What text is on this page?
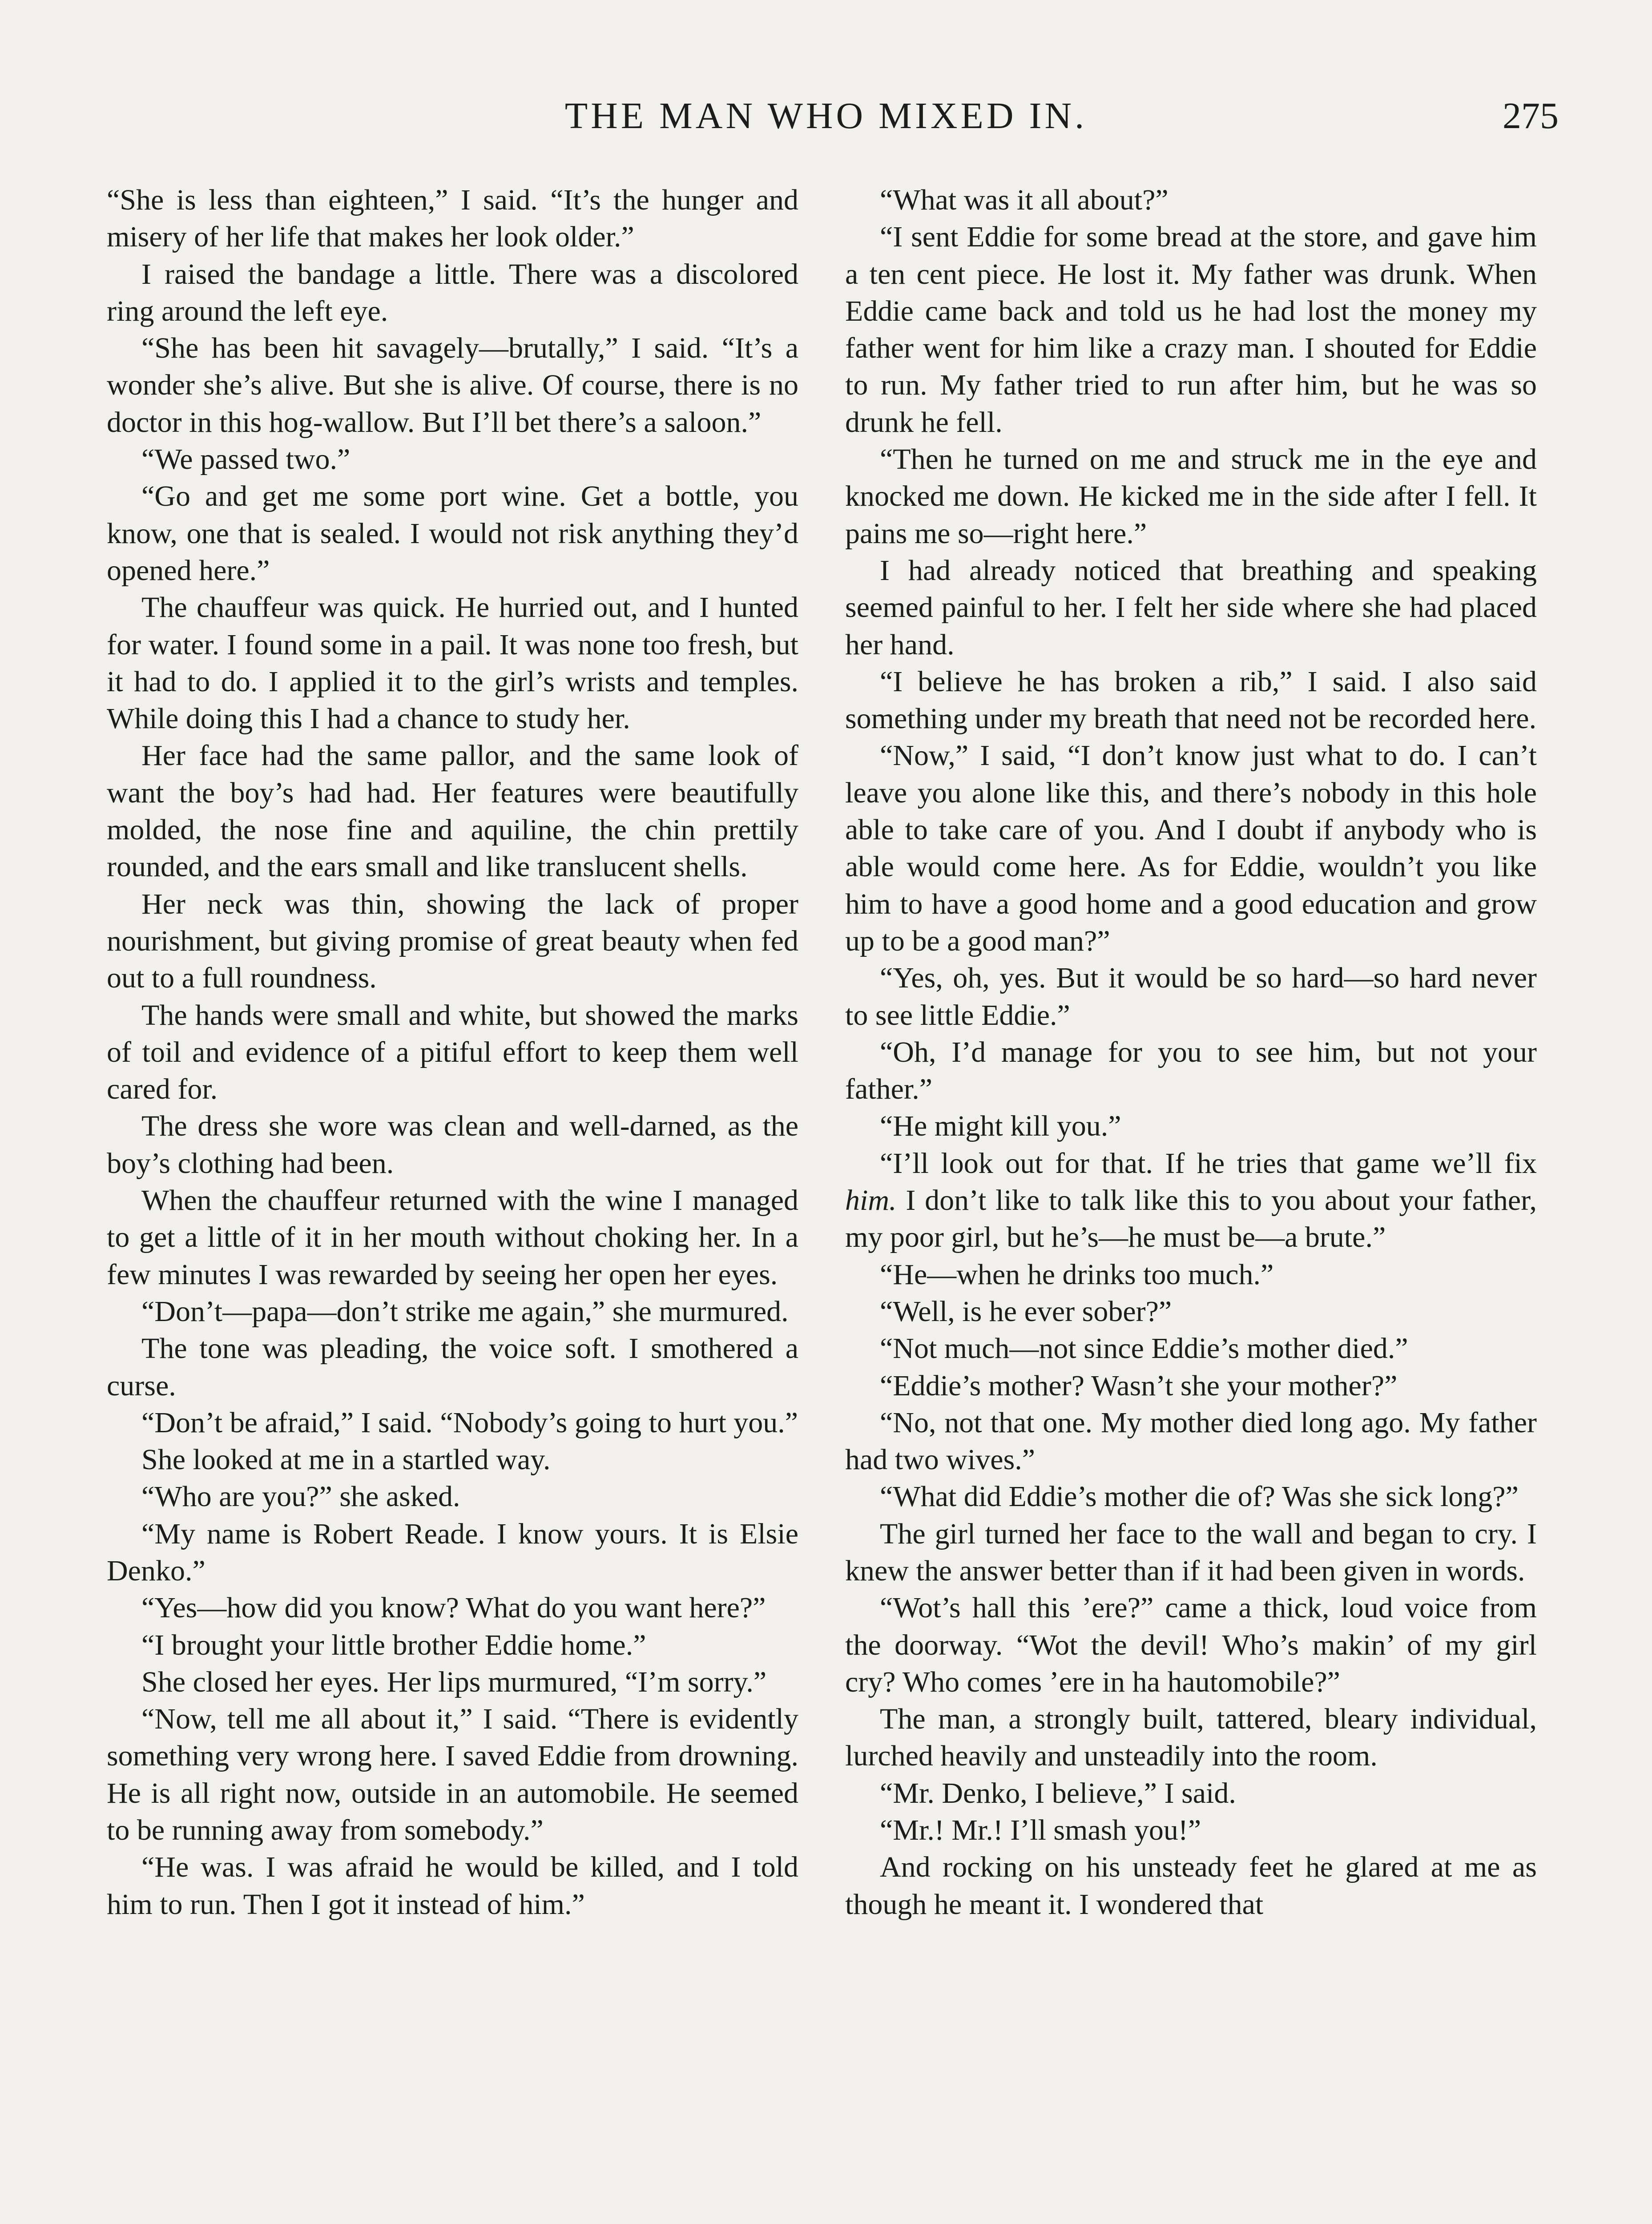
THE MAN WHO MIXED IN.	275

“She is less than eighteen,” I said. “It’s the hunger and misery of her life that makes her look older.”

I raised the bandage a little. There was a discolored ring around the left eye.

“She has been hit savagely—brutally,” I said. “It’s a wonder she’s alive. But she is alive. Of course, there is no doctor in this hog-wallow. But I’ll bet there’s a saloon.”

“We passed two.”

“Go and get me some port wine. Get a bottle, you know, one that is sealed. I would not risk anything they’d opened here.”

The chauffeur was quick. He hurried out, and I hunted for water. I found some in a pail. It was none too fresh, but it had to do. I applied it to the girl’s wrists and temples. While doing this I had a chance to study her.

Her face had the same pallor, and the same look of want the boy’s had had. Her features were beautifully molded, the nose fine and aquiline, the chin prettily rounded, and the ears small and like translucent shells.

Her neck was thin, showing the lack of proper nourishment, but giving promise of great beauty when fed out to a full roundness.

The hands were small and white, but showed the marks of toil and evidence of a pitiful effort to keep them well cared for.

The dress she wore was clean and well-darned, as the boy’s clothing had been.

When the chauffeur returned with the wine I managed to get a little of it in her mouth without choking her. In a few minutes I was rewarded by seeing her open her eyes.

“Don’t—papa—don’t strike me again,” she murmured.

The tone was pleading, the voice soft. I smothered a curse.

“Don’t be afraid,” I said. “Nobody’s going to hurt you.”

She looked at me in a startled way.

“Who are you?” she asked.

“My name is Robert Reade. I know yours. It is Elsie Denko.”

“Yes—how did you know? What do you want here?”

“I brought your little brother Eddie home.”

She closed her eyes. Her lips murmured, “I’m sorry.”

“Now, tell me all about it,” I said. “There is evidently something very wrong here. I saved Eddie from drowning. He is all right now, outside in an automobile. He seemed to be running away from somebody.”

“He was. I was afraid he would be killed, and I told him to run. Then I got it instead of him.”

“What was it all about?”

“I sent Eddie for some bread at the store, and gave him a ten cent piece. He lost it. My father was drunk. When Eddie came back and told us he had lost the money my father went for him like a crazy man. I shouted for Eddie to run. My father tried to run after him, but he was so drunk he fell.

“Then he turned on me and struck me in the eye and knocked me down. He kicked me in the side after I fell. It pains me so—right here.”

I had already noticed that breathing and speaking seemed painful to her. I felt her side where she had placed her hand.

“I believe he has broken a rib,” I said. I also said something under my breath that need not be recorded here.

“Now,” I said, “I don’t know just what to do. I can’t leave you alone like this, and there’s nobody in this hole able to take care of you. And I doubt if anybody who is able would come here. As for Eddie, wouldn’t you like him to have a good home and a good education and grow up to be a good man?”

“Yes, oh, yes. But it would be so hard—so hard never to see little Eddie.”

“Oh, I’d manage for you to see him, but not your father.”

“He might kill you.”

“I’ll look out for that. If he tries that game we’ll fix him. I don’t like to talk like this to you about your father, my poor girl, but he’s—he must be—a brute.”

“He—when he drinks too much.”

“Well, is he ever sober?”

“Not much—not since Eddie’s mother died.”

“Eddie’s mother? Wasn’t she your mother?”

“No, not that one. My mother died long ago. My father had two wives.”

“What did Eddie’s mother die of? Was she sick long?”

The girl turned her face to the wall and began to cry. I knew the answer better than if it had been given in words.

“Wot’s hall this ’ere?” came a thick, loud voice from the doorway. “Wot the devil! Who’s makin’ of my girl cry? Who comes ’ere in ha hautomobile?”

The man, a strongly built, tattered, bleary individual, lurched heavily and unsteadily into the room.

“Mr. Denko, I believe,” I said.

“Mr.! Mr.! I’ll smash you!”

And rocking on his unsteady feet he glared at me as though he meant it. I wondered that
